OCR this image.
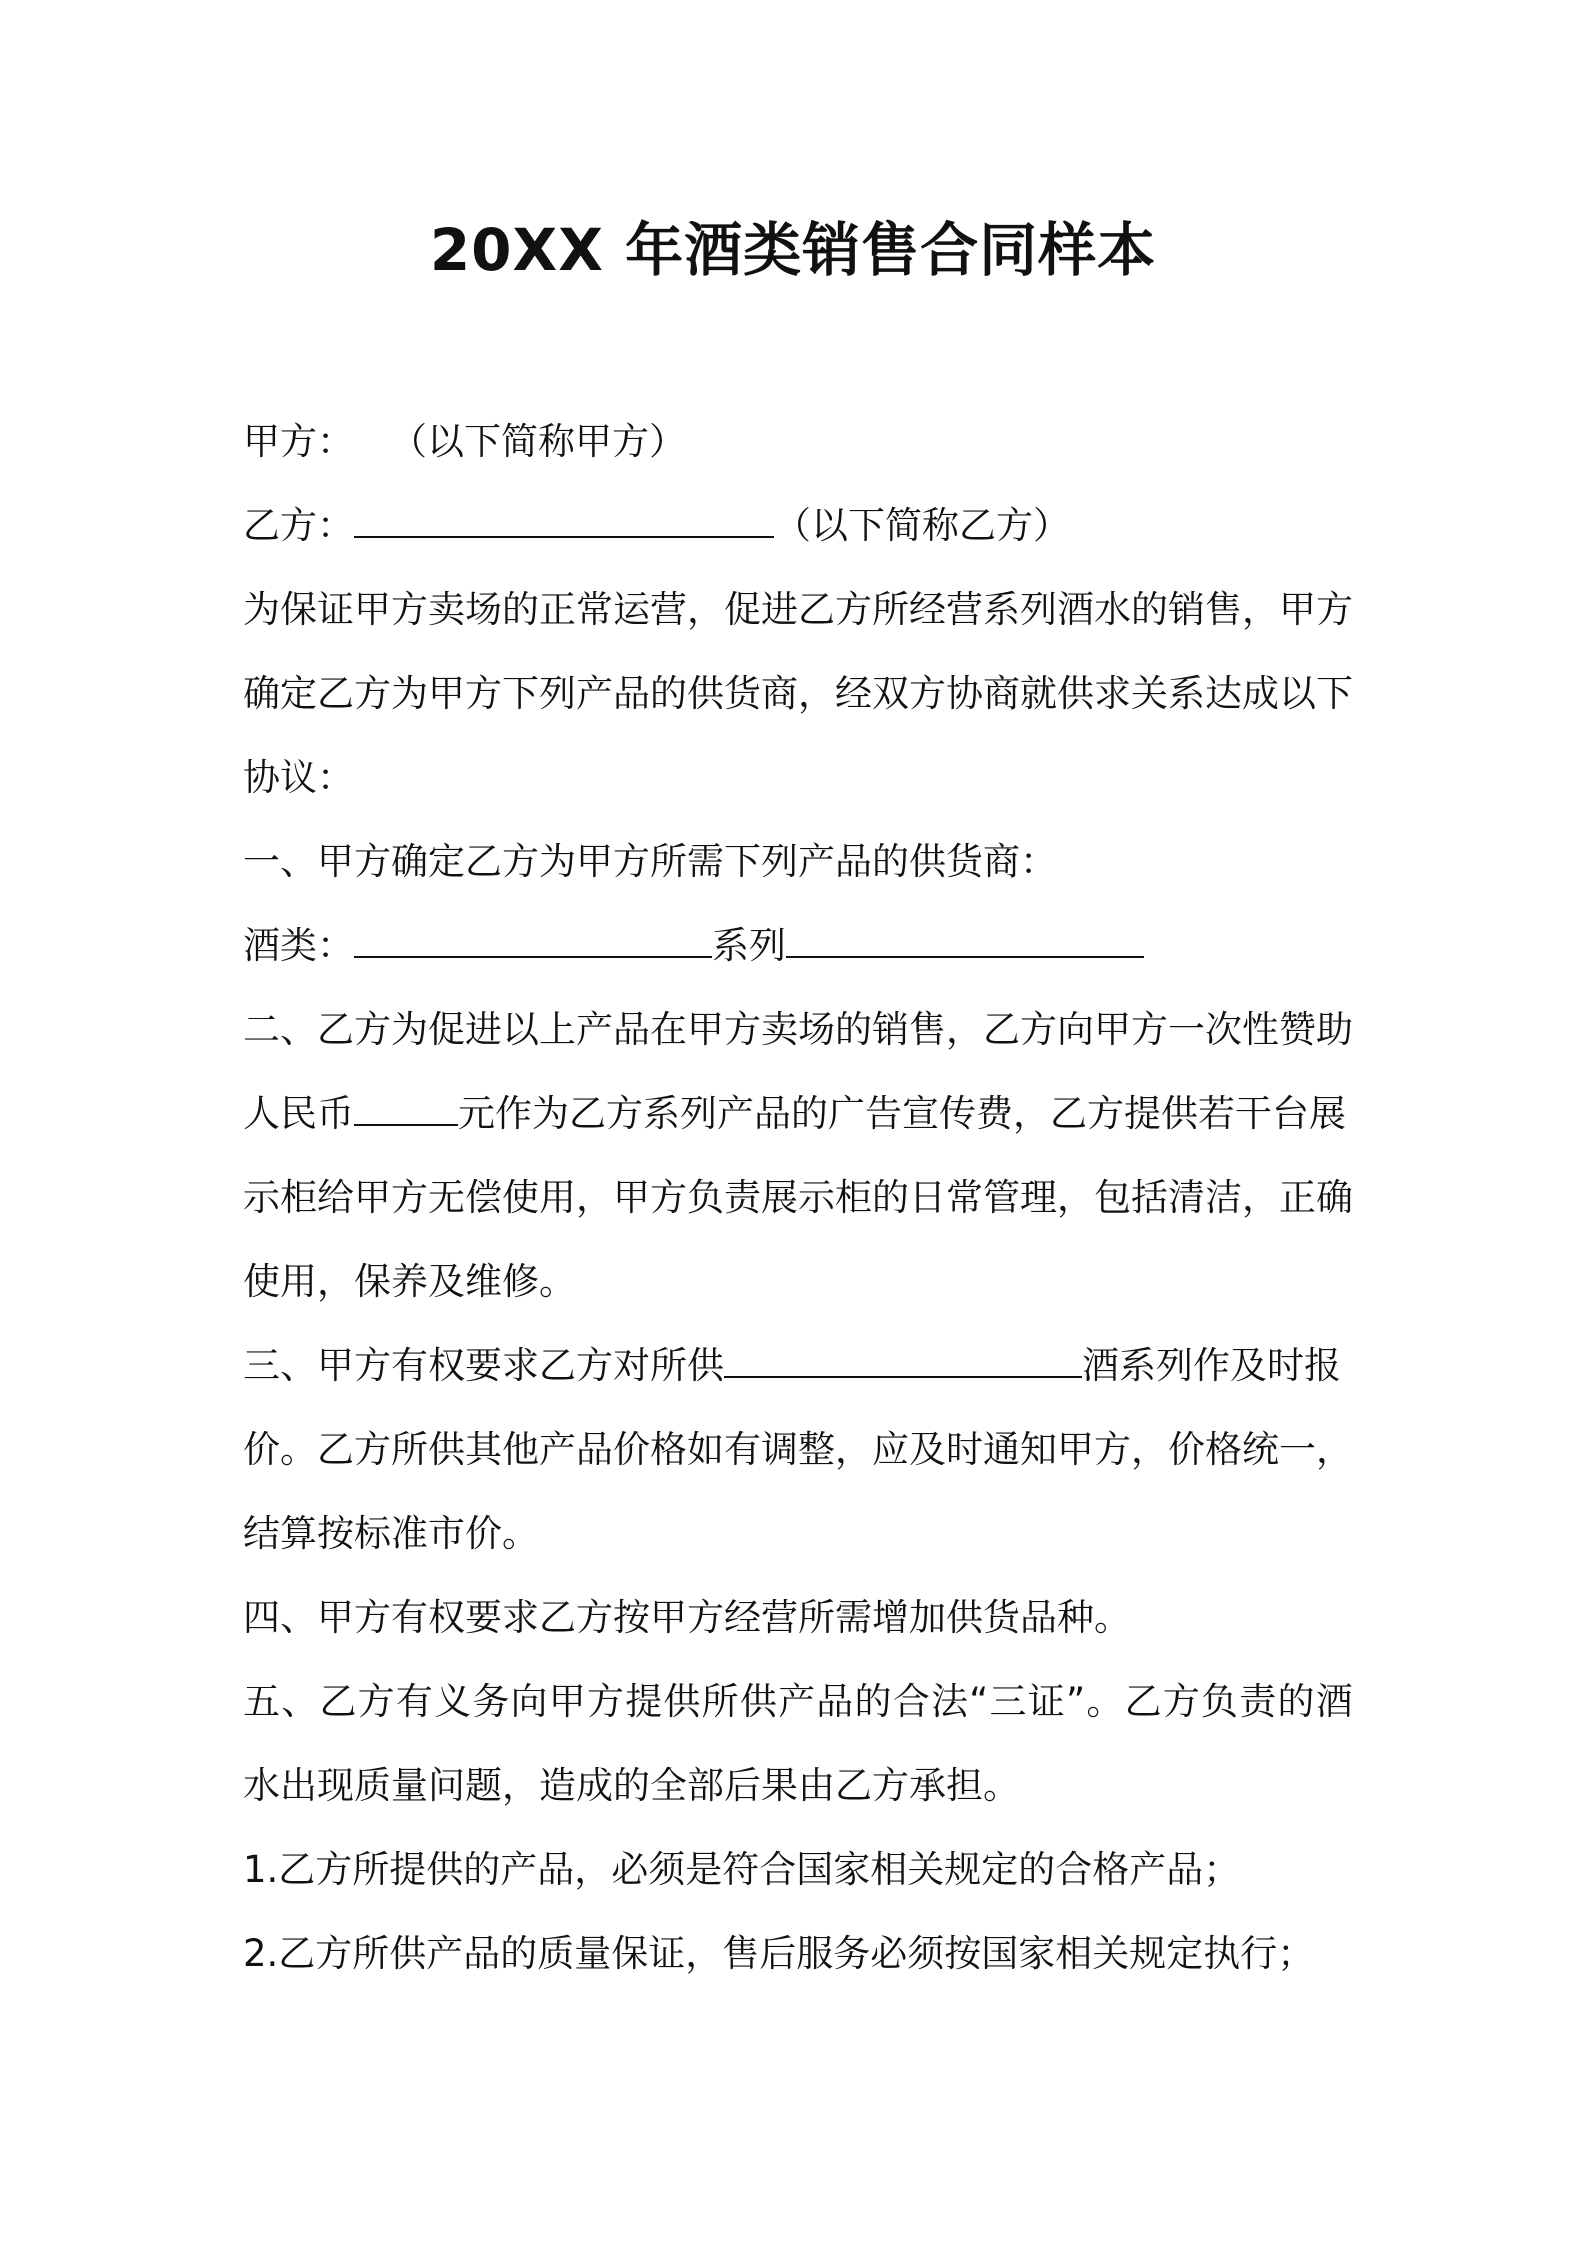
20XX 年酒类销售合同样本
甲方： （以下简称甲方）
乙方：	（以下简称乙方）
为 保 证 甲 方 卖 场 的 正 常 运 营 ， 促 进 乙 方 所 经 营 系 列 酒 水 的 销 售 ， 甲 方
确 定 乙 方 为 甲 方 下 列 产 品 的 供 货 商 ， 经 双 方 协 商 就 供 求 关 系 达 成 以 下
协议：
一、甲方确定乙方为甲方所需下列产品的供货商：
酒类：	系列
二 、 乙 方 为 促 进 以 上 产 品 在 甲 方 卖 场 的 销 售 ， 乙 方 向 甲 方 一 次 性 赞 助
人民币	元作为乙方系列产品的广告宣传费，乙方提供若干台展
示 柜 给 甲 方 无 偿 使 用 ， 甲 方 负 责 展 示 柜 的 日 常 管 理 ， 包 括 清 洁 ， 正 确
使用，保养及维修。
三、甲方有权要求乙方对所供	酒系列作及时报
价 。 乙 方 所 供 其 他 产 品 价 格 如 有 调 整 ， 应 及 时 通 知 甲 方 ， 价 格 统 一 ，
结算按标准市价。
四、甲方有权要求乙方按甲方经营所需增加供货品种。
五 、 乙 方 有 义 务 向 甲 方 提 供 所 供 产 品 的 合 法 “ 三 证 ” 。 乙 方 负 责 的 酒
水出现质量问题，造成的全部后果由乙方承担。
1.乙方所提供的产品，必须是符合国家相关规定的合格产品；
2.乙方所供产品的质量保证，售后服务必须按国家相关规定执行；
